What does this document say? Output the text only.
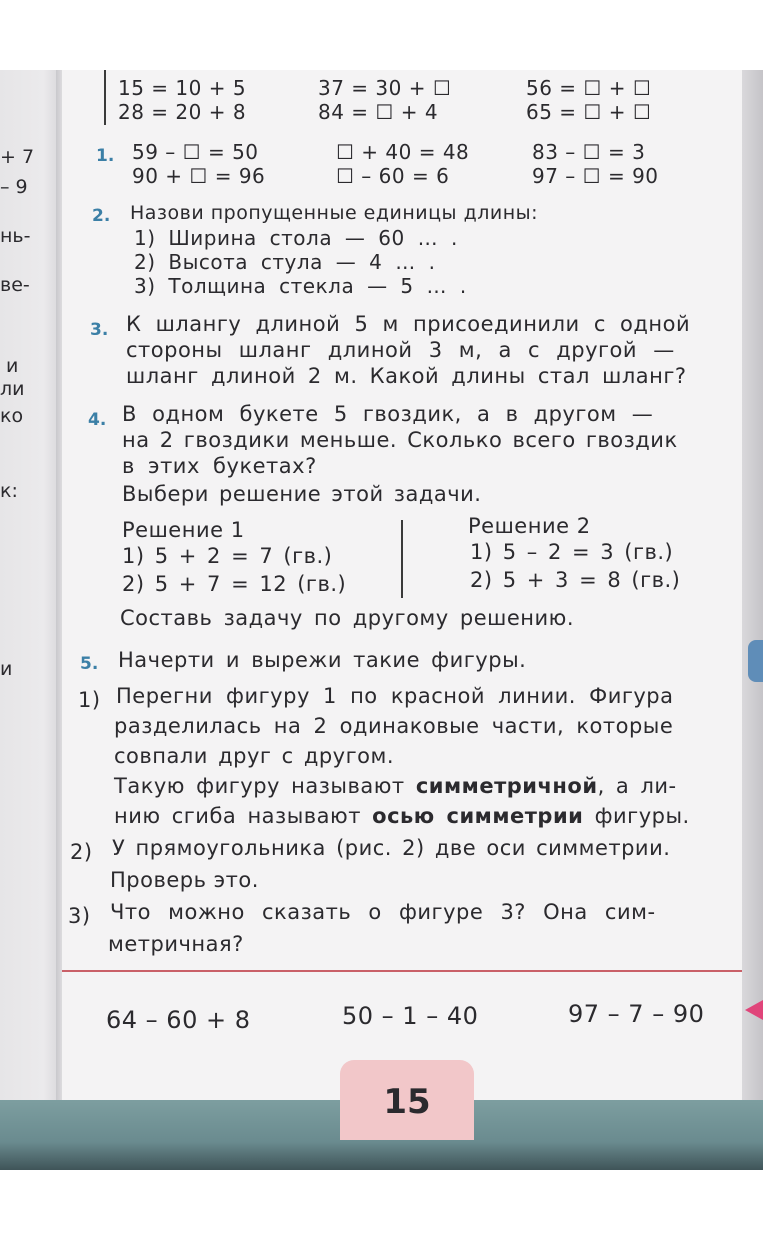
+ 7
– 9
нь-
ве-
и
ли
ко
к:
и
15 = 10 + 5
28 = 20 + 8
37 = 30 + ☐
84 = ☐ + 4
56 = ☐ + ☐
65 = ☐ + ☐
1. 59 – ☐ = 50
90 + ☐ = 96
☐ + 40 = 48
☐ – 60 = 6
83 – ☐ = 3
97 – ☐ = 90
2. Назови пропущенные единицы длины:
1) Ширина стола — 60 … .
2) Высота стула — 4 … .
3) Толщина стекла — 5 … .
3. К шлангу длиной 5 м присоединили с одной
стороны шланг длиной 3 м, а с другой —
шланг длиной 2 м. Какой длины стал шланг?
4. В одном букете 5 гвоздик, а в другом —
на 2 гвоздики меньше. Сколько всего гвоздик
в этих букетах?
Выбери решение этой задачи.
Решение 1
1) 5 + 2 = 7 (гв.)
2) 5 + 7 = 12 (гв.)
Решение 2
1) 5 – 2 = 3 (гв.)
2) 5 + 3 = 8 (гв.)
Составь задачу по другому решению.
5. Начерти и вырежи такие фигуры.
1) Перегни фигуру 1 по красной линии. Фигура
разделилась на 2 одинаковые части, которые
совпали друг с другом.
Такую фигуру называют симметричной, а ли-
нию сгиба называют осью симметрии фигуры.
2) У прямоугольника (рис. 2) две оси симметрии.
Проверь это.
3) Что можно сказать о фигуре 3? Она сим-
метричная?
64 – 60 + 8	50 – 1 – 40	97 – 7 – 90
15
